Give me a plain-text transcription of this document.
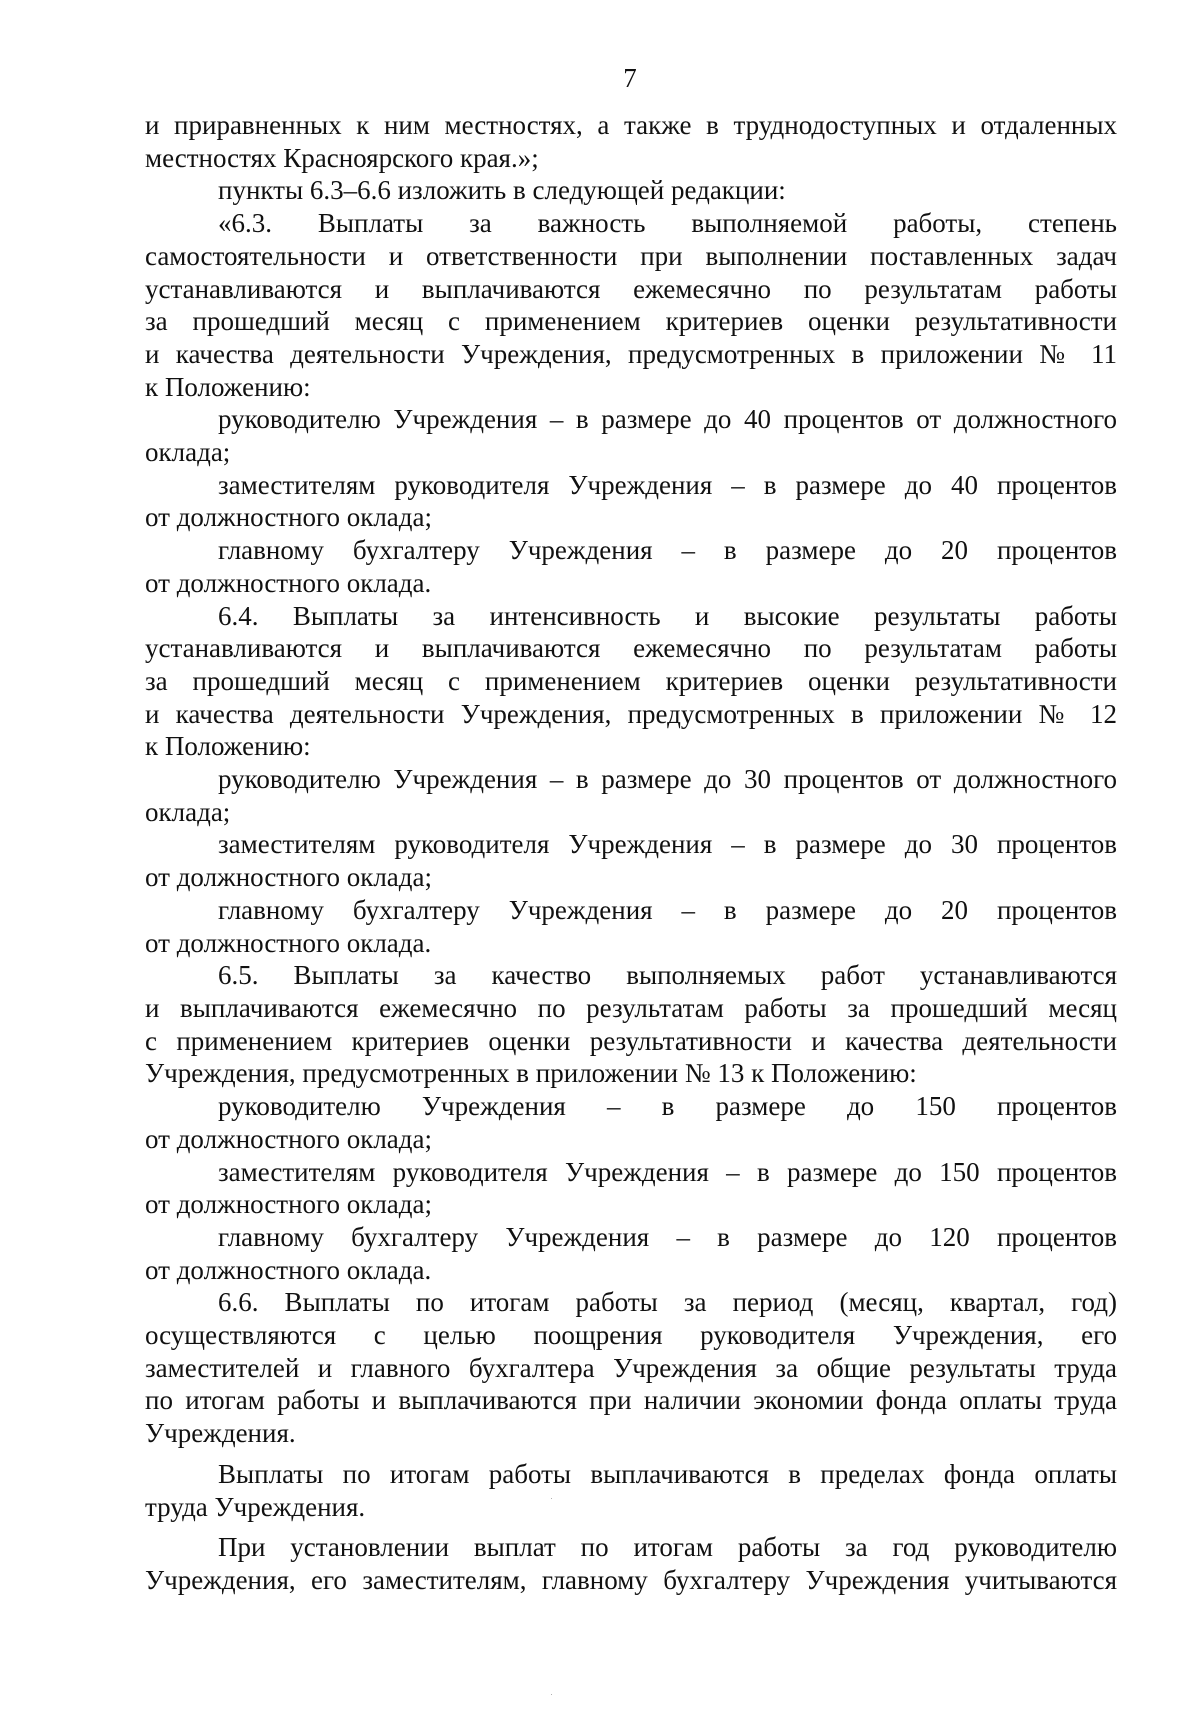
7
и приравненных к ним местностях, а также в труднодоступных и отдаленных
местностях Красноярского края.»;
пункты 6.3–6.6 изложить в следующей редакции:
«6.3. Выплаты за важность выполняемой работы, степень
самостоятельности и ответственности при выполнении поставленных задач
устанавливаются и выплачиваются ежемесячно по результатам работы
за прошедший месяц с применением критериев оценки результативности
и качества деятельности Учреждения, предусмотренных в приложении № 11
к Положению:
руководителю Учреждения – в размере до 40 процентов от должностного
оклада;
заместителям руководителя Учреждения – в размере до 40 процентов
от должностного оклада;
главному бухгалтеру Учреждения – в размере до 20 процентов
от должностного оклада.
6.4. Выплаты за интенсивность и высокие результаты работы
устанавливаются и выплачиваются ежемесячно по результатам работы
за прошедший месяц с применением критериев оценки результативности
и качества деятельности Учреждения, предусмотренных в приложении № 12
к Положению:
руководителю Учреждения – в размере до 30 процентов от должностного
оклада;
заместителям руководителя Учреждения – в размере до 30 процентов
от должностного оклада;
главному бухгалтеру Учреждения – в размере до 20 процентов
от должностного оклада.
6.5. Выплаты за качество выполняемых работ устанавливаются
и выплачиваются ежемесячно по результатам работы за прошедший месяц
с применением критериев оценки результативности и качества деятельности
Учреждения, предусмотренных в приложении № 13 к Положению:
руководителю Учреждения – в размере до 150 процентов
от должностного оклада;
заместителям руководителя Учреждения – в размере до 150 процентов
от должностного оклада;
главному бухгалтеру Учреждения – в размере до 120 процентов
от должностного оклада.
6.6. Выплаты по итогам работы за период (месяц, квартал, год)
осуществляются с целью поощрения руководителя Учреждения, его
заместителей и главного бухгалтера Учреждения за общие результаты труда
по итогам работы и выплачиваются при наличии экономии фонда оплаты труда
Учреждения.
Выплаты по итогам работы выплачиваются в пределах фонда оплаты
труда Учреждения.
При установлении выплат по итогам работы за год руководителю
Учреждения, его заместителям, главному бухгалтеру Учреждения учитываются
